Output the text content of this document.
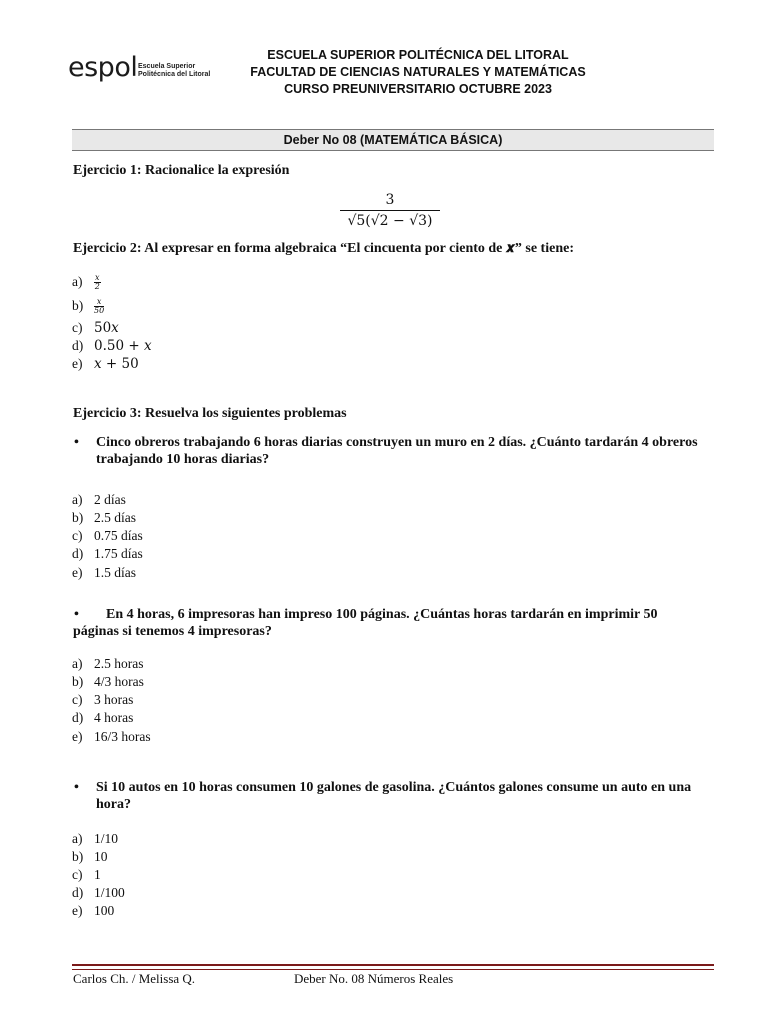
espol Escuela Superior
Politécnica del Litoral
ESCUELA SUPERIOR POLITÉCNICA DEL LITORAL
FACULTAD DE CIENCIAS NATURALES Y MATEMÁTICAS
CURSO PREUNIVERSITARIO OCTUBRE 2023
Deber No 08 (MATEMÁTICA BÁSICA)
Ejercicio 1: Racionalice la expresión
3
√5(√2 − √3)
Ejercicio 2: Al expresar en forma algebraica “El cincuenta por ciento de 𝒙” se tiene:
$a) \frac{x}{2}$
$b) \frac{x}{50}$
c) 50𝑥
d) 0.50 + 𝑥
e) 𝑥 + 50
Ejercicio 3: Resuelva los siguientes problemas
• Cinco obreros trabajando 6 horas diarias construyen un muro en 2 días. ¿Cuánto tardarán 4 obreros trabajando 10 horas diarias?
a) 2 días
b) 2.5 días
c) 0.75 días
d) 1.75 días
e) 1.5 días
• En 4 horas, 6 impresoras han impreso 100 páginas. ¿Cuántas horas tardarán en imprimir 50
páginas si tenemos 4 impresoras?
a) 2.5 horas
b) 4/3 horas
c) 3 horas
d) 4 horas
e) 16/3 horas
• Si 10 autos en 10 horas consumen 10 galones de gasolina. ¿Cuántos galones consume un auto en una hora?
a) 1/10
b) 10
c) 1
d) 1/100
e) 100
Carlos Ch. / Melissa Q.	Deber No. 08 Números Reales
